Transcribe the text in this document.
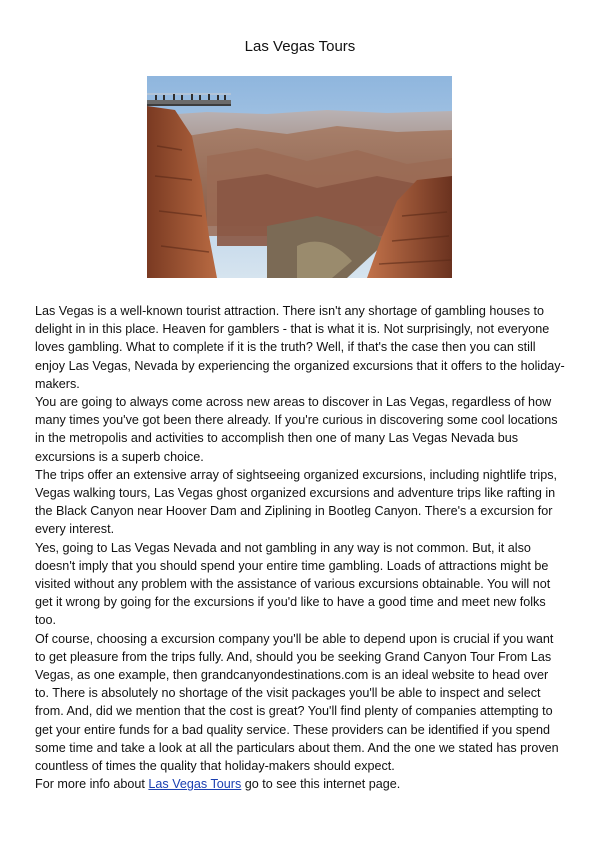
Las Vegas Tours

Las Vegas is a well-known tourist attraction. There isn't any shortage of gambling houses to delight in in this place. Heaven for gamblers - that is what it is. Not surprisingly, not everyone loves gambling. What to complete if it is the truth? Well, if that's the case then you can still enjoy Las Vegas, Nevada by experiencing the organized excursions that it offers to the holiday-makers.

You are going to always come across new areas to discover in Las Vegas, regardless of how many times you've got been there already. If you're curious in discovering some cool locations in the metropolis and activities to accomplish then one of many Las Vegas Nevada bus excursions is a superb choice.

The trips offer an extensive array of sightseeing organized excursions, including nightlife trips, Vegas walking tours, Las Vegas ghost organized excursions and adventure trips like rafting in the Black Canyon near Hoover Dam and Ziplining in Bootleg Canyon. There's a excursion for every interest.

Yes, going to Las Vegas Nevada and not gambling in any way is not common. But, it also doesn't imply that you should spend your entire time gambling. Loads of attractions might be visited without any problem with the assistance of various excursions obtainable. You will not get it wrong by going for the excursions if you'd like to have a good time and meet new folks too.

Of course, choosing a excursion company you'll be able to depend upon is crucial if you want to get pleasure from the trips fully. And, should you be seeking Grand Canyon Tour From Las Vegas, as one example, then grandcanyondestinations.com is an ideal website to head over to. There is absolutely no shortage of the visit packages you'll be able to inspect and select from. And, did we mention that the cost is great? You'll find plenty of companies attempting to get your entire funds for a bad quality service. These providers can be identified if you spend some time and take a look at all the particulars about them. And the one we stated has proven countless of times the quality that holiday-makers should expect.

For more info about Las Vegas Tours go to see this internet page.
